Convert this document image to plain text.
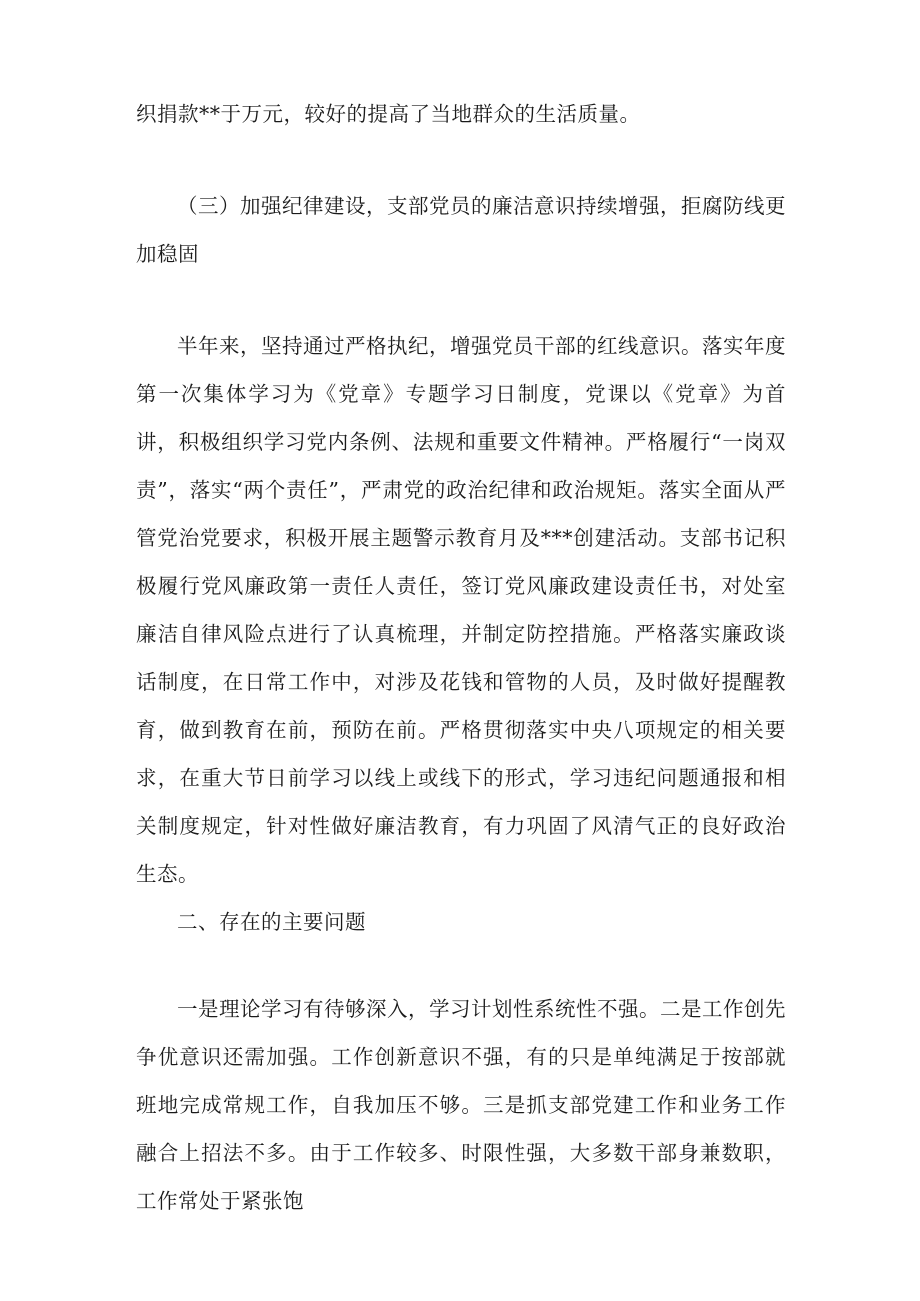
织捐款**于万元，较好的提高了当地群众的生活质量。

（三）加强纪律建设，支部党员的廉洁意识持续增强，拒腐防线更加稳固

半年来，坚持通过严格执纪，增强党员干部的红线意识。落实年度第一次集体学习为《党章》专题学习日制度，党课以《党章》为首讲，积极组织学习党内条例、法规和重要文件精神。严格履行“一岗双责”，落实“两个责任”，严肃党的政治纪律和政治规矩。落实全面从严管党治党要求，积极开展主题警示教育月及***创建活动。支部书记积极履行党风廉政第一责任人责任，签订党风廉政建设责任书，对处室廉洁自律风险点进行了认真梳理，并制定防控措施。严格落实廉政谈话制度，在日常工作中，对涉及花钱和管物的人员，及时做好提醒教育，做到教育在前，预防在前。严格贯彻落实中央八项规定的相关要求，在重大节日前学习以线上或线下的形式，学习违纪问题通报和相关制度规定，针对性做好廉洁教育，有力巩固了风清气正的良好政治生态。

二、存在的主要问题

一是理论学习有待够深入，学习计划性系统性不强。二是工作创先争优意识还需加强。工作创新意识不强，有的只是单纯满足于按部就班地完成常规工作，自我加压不够。三是抓支部党建工作和业务工作融合上招法不多。由于工作较多、时限性强，大多数干部身兼数职，工作常处于紧张饱
